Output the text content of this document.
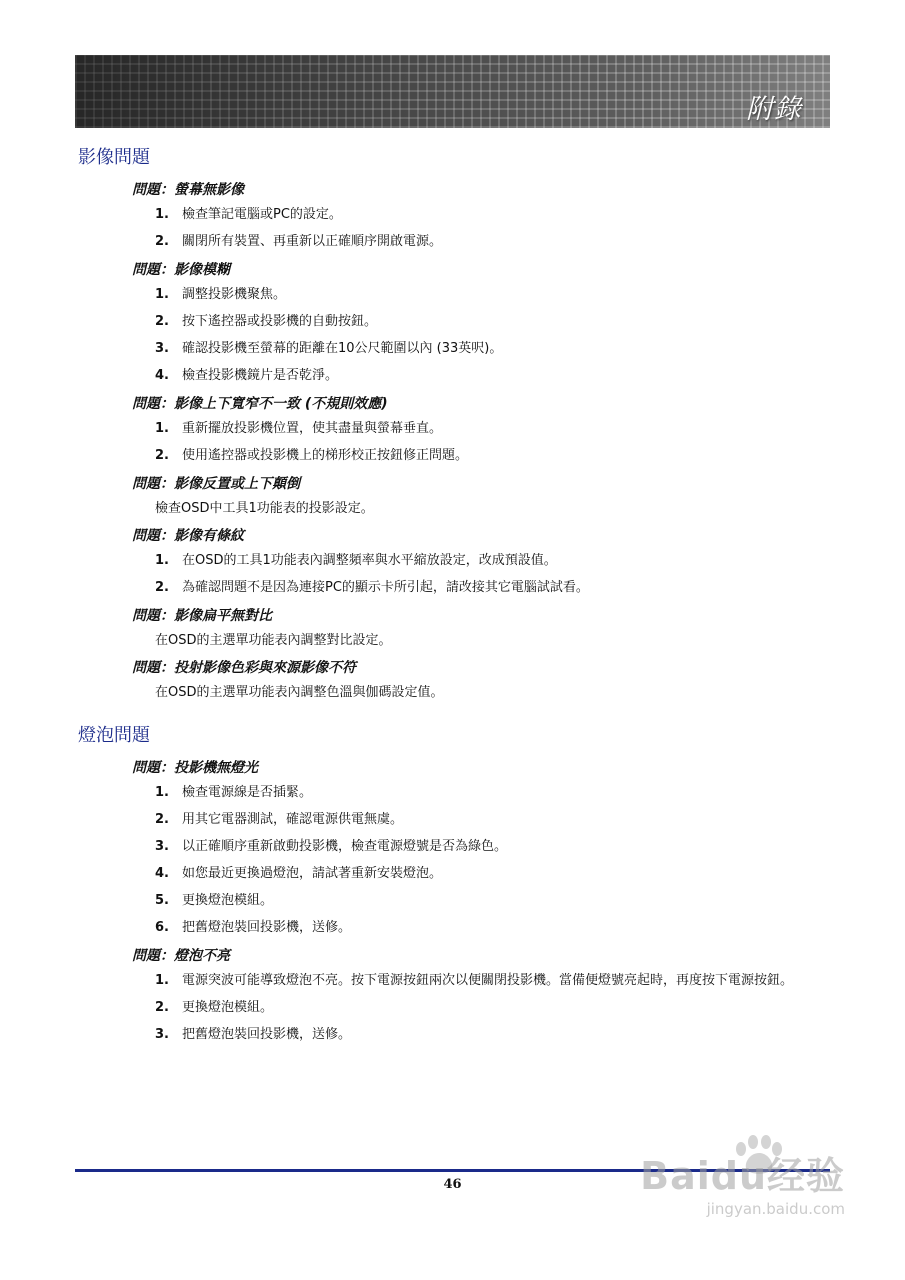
附錄
影像問題
問題：螢幕無影像
1.	檢查筆記電腦或PC的設定。
2.	關閉所有裝置、再重新以正確順序開啟電源。
問題：影像模糊
1.	調整投影機聚焦。
2.	按下遙控器或投影機的自動按鈕。
3.	確認投影機至螢幕的距離在10公尺範圍以內 (33英呎)。
4.	檢查投影機鏡片是否乾淨。
問題：影像上下寬窄不一致 (不規則效應)
1.	重新擺放投影機位置，使其盡量與螢幕垂直。
2.	使用遙控器或投影機上的梯形校正按鈕修正問題。
問題：影像反置或上下顛倒
檢查OSD中工具1功能表的投影設定。
問題：影像有條紋
1.	在OSD的工具1功能表內調整頻率與水平縮放設定，改成預設值。
2.	為確認問題不是因為連接PC的顯示卡所引起，請改接其它電腦試試看。
問題：影像扁平無對比
在OSD的主選單功能表內調整對比設定。
問題：投射影像色彩與來源影像不符
在OSD的主選單功能表內調整色溫與伽碼設定值。
燈泡問題
問題：投影機無燈光
1.	檢查電源線是否插緊。
2.	用其它電器測試，確認電源供電無虞。
3.	以正確順序重新啟動投影機，檢查電源燈號是否為綠色。
4.	如您最近更換過燈泡，請試著重新安裝燈泡。
5.	更換燈泡模組。
6.	把舊燈泡裝回投影機，送修。
問題：燈泡不亮
1.	電源突波可能導致燈泡不亮。按下電源按鈕兩次以便關閉投影機。當備便燈號亮起時，再度按下電源按鈕。
2.	更換燈泡模組。
3.	把舊燈泡裝回投影機，送修。
46	Baidu经验
jingyan.baidu.com
